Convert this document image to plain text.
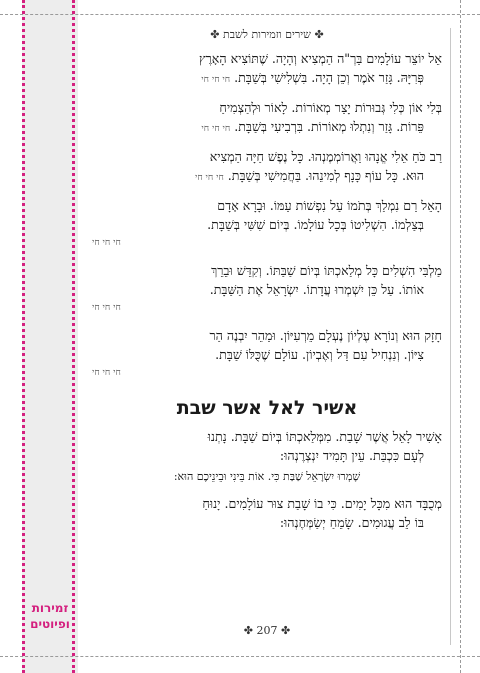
זמירות
ופיוטים
✤ שירים וזמירות לשבת ✤
אֵל יוֹצֵר עוֹלָמִים בַּרְ"ה הַמְצִיא וְהָיָה. שֶׁתּוֹצִיא הָאָרֶץ
פְּרִיָּהּ. גָּזַר אֹמֶר וְכֵן הָיָה. בִּשְׁלִישִׁי בְּשַׁבָּת.חי חי חי
בְּלִי אוֹן כְּלִי גְּבוּרוֹת יָצַר מְאוֹרוֹת. לָאוֹר וּלְהַצְמִיחַ
פֵּרוֹת. גָּזַר וְנִתְלוּ מְאוֹרוֹת. בִּרְבִיעִי בְּשַׁבָּת.חי חי חי
רַב כֹּחַ אֵלִי אֱנָהוּ וַאֲרוֹמְמֶנְהוּ. כָּל נֶפֶשׁ חַיָּה הַמְצִיא
הוּא. כָּל עוֹף כָּנָף לְמִינֵהוּ. בַּחֲמִישִׁי בְּשַׁבָּת.חי חי חי
הָאֵל רַם נִמְלַךְ בְּתֹמוֹ עַל נִפְשׁוֹת עַמּוֹ. וּבָרָא אָדָם
בְּצַלְמוֹ. הִשְׁלִיטוֹ בְּכָל עוֹלָמוֹ. בְּיוֹם שִׁשִּׁי בְּשַׁבָּת.
חי חי חי
מַלְבִּי הִשְׁלִים כָּל מְלַאכְתּוֹ בְּיוֹם שַׁבַּתּוֹ. וְקִדֵּשׁ וּבֵרֵךְ
אוֹתוֹ. עַל כֵּן יִשְׁמְרוּ עֲדָתוֹ. יִשְׂרָאֵל אֶת הַשַּׁבָּת.
חי חי חי
חָזָק הוּא וְנוֹרָא עֶלְיוֹן נֶעְלָם מֵרְעִיּוֹן. וּמַהֵר יִבְנֶה הַר
צִיּוֹן. וְנִנְחִיל עִם דַּל וְאֶבְיוֹן. עוֹלָם שֶׁכֻּלּוֹ שַׁבָּת.
חי חי חי
אשיר לאל אשר שבת
אָשִׁיר לָאֵל אֲשֶׁר שָׁבַת. מִמְּלַאכְתּוֹ בְּיוֹם שַׁבָּת. נָתְנוּ
לְעָם כִּכְבַּת. עֵין תָּמִיד יִנְצְרֶנְהוּ:
שָׁמְרוּ יִשְׂרָאֵל שַׁבַּת כִּי. אוֹת בֵּינִי וּבֵינֵיכֶם הוּא:
מְכֻבָּד הוּא מִכָּל יָמִים. כִּי בוֹ שָׁבַת צוּר עוֹלָמִים. יָנוּחַ
בּוֹ לֵב עֲגוּמִים. שָׂמֵחַ יְשַׂמְּחֶנְהוּ:
✤ 207 ✤
